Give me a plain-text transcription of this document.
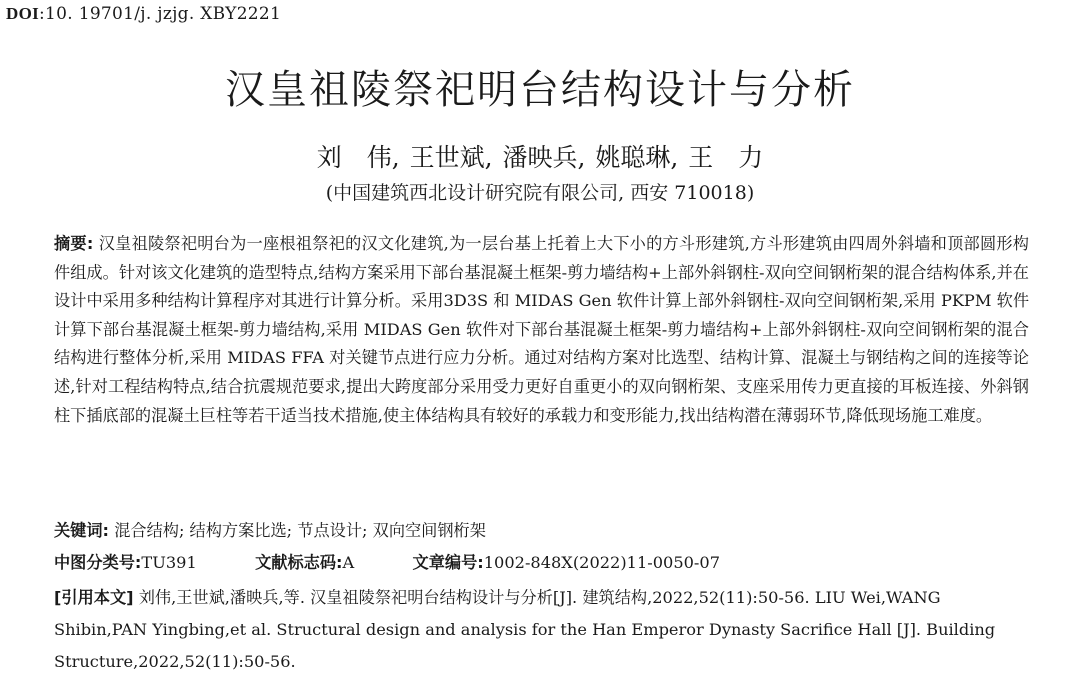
DOI:10. 19701/j. jzjg. XBY2221
汉皇祖陵祭祀明台结构设计与分析
刘　伟, 王世斌, 潘映兵, 姚聪琳, 王　力
(中国建筑西北设计研究院有限公司, 西安 710018)
摘要: 汉皇祖陵祭祀明台为一座根祖祭祀的汉文化建筑,为一层台基上托着上大下小的方斗形建筑,方斗形建筑由四周外斜墙和顶部圆形构件组成。针对该文化建筑的造型特点,结构方案采用下部台基混凝土框架-剪力墙结构+上部外斜钢柱-双向空间钢桁架的混合结构体系,并在设计中采用多种结构计算程序对其进行计算分析。采用3D3S 和 MIDAS Gen 软件计算上部外斜钢柱-双向空间钢桁架,采用 PKPM 软件计算下部台基混凝土框架-剪力墙结构,采用 MIDAS Gen 软件对下部台基混凝土框架-剪力墙结构+上部外斜钢柱-双向空间钢桁架的混合结构进行整体分析,采用 MIDAS FFA 对关键节点进行应力分析。通过对结构方案对比选型、结构计算、混凝土与钢结构之间的连接等论述,针对工程结构特点,结合抗震规范要求,提出大跨度部分采用受力更好自重更小的双向钢桁架、支座采用传力更直接的耳板连接、外斜钢柱下插底部的混凝土巨柱等若干适当技术措施,使主体结构具有较好的承载力和变形能力,找出结构潜在薄弱环节,降低现场施工难度。
关键词: 混合结构; 结构方案比选; 节点设计; 双向空间钢桁架
中图分类号:TU391	文献标志码:A	文章编号:1002-848X(2022)11-0050-07
[引用本文] 刘伟,王世斌,潘映兵,等. 汉皇祖陵祭祀明台结构设计与分析[J]. 建筑结构,2022,52(11):50-56. LIU Wei,WANG Shibin,PAN Yingbing,et al. Structural design and analysis for the Han Emperor Dynasty Sacrifice Hall [J]. Building Structure,2022,52(11):50-56.
